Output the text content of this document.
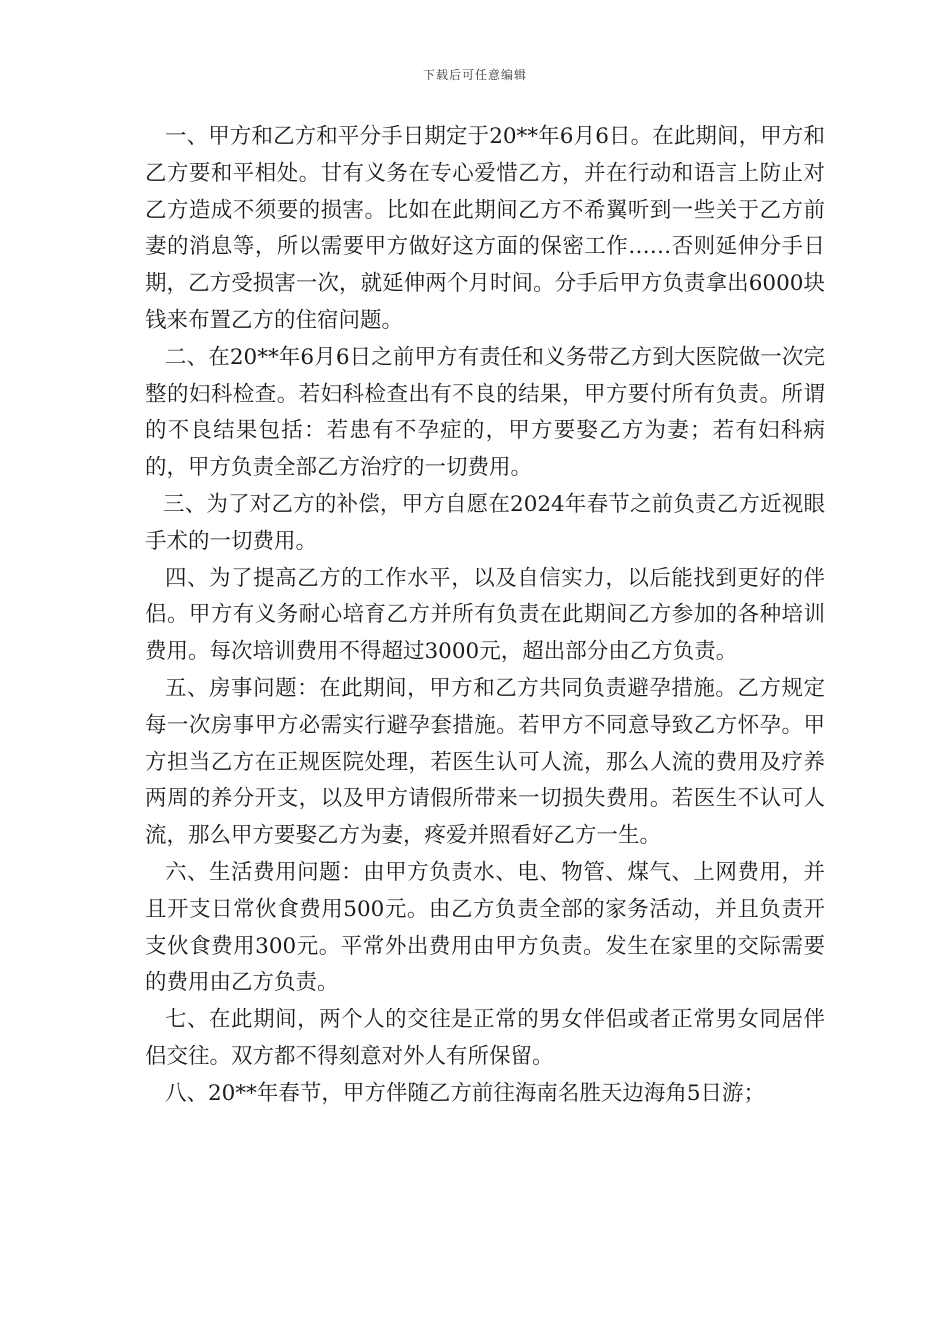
下载后可任意编辑

一、甲方和乙方和平分手日期定于20**年6月6日。在此期间，甲方和乙方要和平相处。甘有义务在专心爱惜乙方，并在行动和语言上防止对乙方造成不须要的损害。比如在此期间乙方不希翼听到一些关于乙方前妻的消息等，所以需要甲方做好这方面的保密工作……否则延伸分手日期，乙方受损害一次，就延伸两个月时间。分手后甲方负责拿出6000块钱来布置乙方的住宿问题。

二、在20**年6月6日之前甲方有责任和义务带乙方到大医院做一次完整的妇科检查。若妇科检查出有不良的结果，甲方要付所有负责。所谓的不良结果包括：若患有不孕症的，甲方要娶乙方为妻；若有妇科病的，甲方负责全部乙方治疗的一切费用。

三、为了对乙方的补偿，甲方自愿在2024年春节之前负责乙方近视眼手术的一切费用。

四、为了提高乙方的工作水平，以及自信实力，以后能找到更好的伴侣。甲方有义务耐心培育乙方并所有负责在此期间乙方参加的各种培训费用。每次培训费用不得超过3000元，超出部分由乙方负责。

五、房事问题：在此期间，甲方和乙方共同负责避孕措施。乙方规定每一次房事甲方必需实行避孕套措施。若甲方不同意导致乙方怀孕。甲方担当乙方在正规医院处理，若医生认可人流，那么人流的费用及疗养两周的养分开支，以及甲方请假所带来一切损失费用。若医生不认可人流，那么甲方要娶乙方为妻，疼爱并照看好乙方一生。

六、生活费用问题：由甲方负责水、电、物管、煤气、上网费用，并且开支日常伙食费用500元。由乙方负责全部的家务活动，并且负责开支伙食费用300元。平常外出费用由甲方负责。发生在家里的交际需要的费用由乙方负责。

七、在此期间，两个人的交往是正常的男女伴侣或者正常男女同居伴侣交往。双方都不得刻意对外人有所保留。

八、20**年春节，甲方伴随乙方前往海南名胜天边海角5日游；
